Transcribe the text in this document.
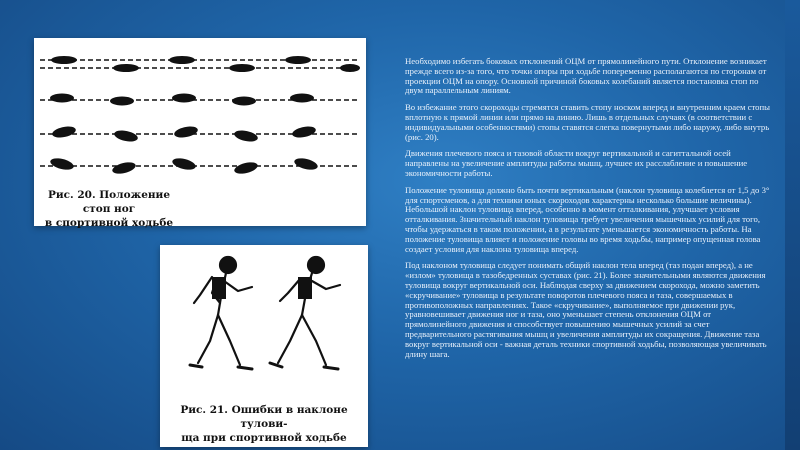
Рис. 20. Положение стоп ног
в спортивной ходьбе
Рис. 21. Ошибки в наклоне тулови-
ща при спортивной ходьбе

Необходимо избегать боковых отклонений ОЦМ от прямолинейного пути. Отклонение возникает прежде всего из-за того, что точки опоры при ходьбе попеременно располагаются по сторонам от проекции ОЦМ на опору. Основной причиной боковых колебаний является постановка стоп по двум параллельным линиям.

Во избежание этого скороходы стремятся ставить стопу носком вперед и внутренним краем стопы вплотную к прямой линии или прямо на линию. Лишь в отдельных случаях (в соответствии с индивидуальными особенностями) стопы ставятся слегка повернутыми либо наружу, либо внутрь (рис. 20).

Движения плечевого пояса и тазовой области вокруг вертикальной и сагиттальной осей направлены на увеличение амплитуды работы мышц, лучшее их расслабление и повышение экономичности работы.

Положение туловища должно быть почти вертикальным (наклон туловища колеблется от 1,5 до 3° для спортсменов, а для техники юных скороходов характерны несколько большие величины). Небольшой наклон туловища вперед, особенно в момент отталкивания, улучшает условия отталкивания. Значительный наклон туловища требует увеличения мышечных усилий для того, чтобы удержаться в таком положении, а в результате уменьшается экономичность работы. На положение туловища влияет и положение головы во время ходьбы, например опущенная голова создает условия для наклона туловища вперед.

Под наклоном туловища следует понимать общий наклон тела вперед (таз подан вперед), а не «излом» туловища в тазобедренных суставах (рис. 21). Более значительными являются движения туловища вокруг вертикальной оси. Наблюдая сверху за движением скорохода, можно заметить «скручивание» туловища в результате поворотов плечевого пояса и таза, совершаемых в противоположных направлениях. Такое «скручивание», выполняемое при движении рук, уравновешивает движения ног и таза, оно уменьшает степень отклонения ОЦМ от прямолинейного движения и способствует повышению мышечных усилий за счет предварительного растягивания мышц и увеличения амплитуды их сокращения. Движение таза вокруг вертикальной оси - важная деталь техники спортивной ходьбы, позволяющая увеличивать длину шага.
